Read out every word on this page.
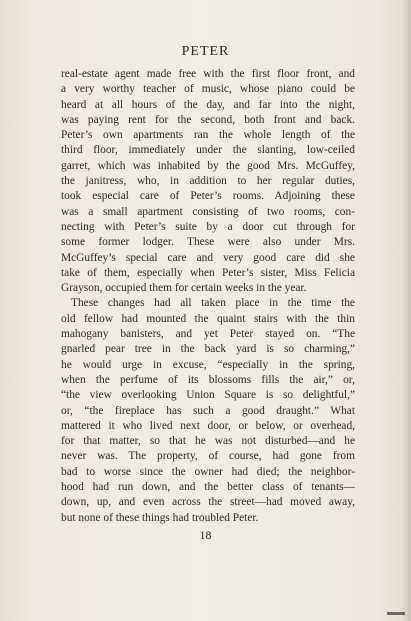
PETER
real-estate agent made free with the first floor front, and
a very worthy teacher of music, whose piano could be
heard at all hours of the day, and far into the night,
was paying rent for the second, both front and back.
Peter’s own apartments ran the whole length of the
third floor, immediately under the slanting, low-ceiled
garret, which was inhabited by the good Mrs. McGuffey,
the janitress, who, in addition to her regular duties,
took especial care of Peter’s rooms. Adjoining these
was a small apartment consisting of two rooms, con-
necting with Peter’s suite by a door cut through for
some former lodger. These were also under Mrs.
McGuffey’s special care and very good care did she
take of them, especially when Peter’s sister, Miss Felicia
Grayson, occupied them for certain weeks in the year.
These changes had all taken place in the time the
old fellow had mounted the quaint stairs with the thin
mahogany banisters, and yet Peter stayed on. “The
gnarled pear tree in the back yard is so charming,”
he would urge in excuse, “especially in the spring,
when the perfume of its blossoms fills the air,” or,
“the view overlooking Union Square is so delightful,”
or, “the fireplace has such a good draught.” What
mattered it who lived next door, or below, or overhead,
for that matter, so that he was not disturbed—and he
never was. The property, of course, had gone from
bad to worse since the owner had died; the neighbor-
hood had run down, and the better class of tenants—
down, up, and even across the street—had moved away,
but none of these things had troubled Peter.
18
